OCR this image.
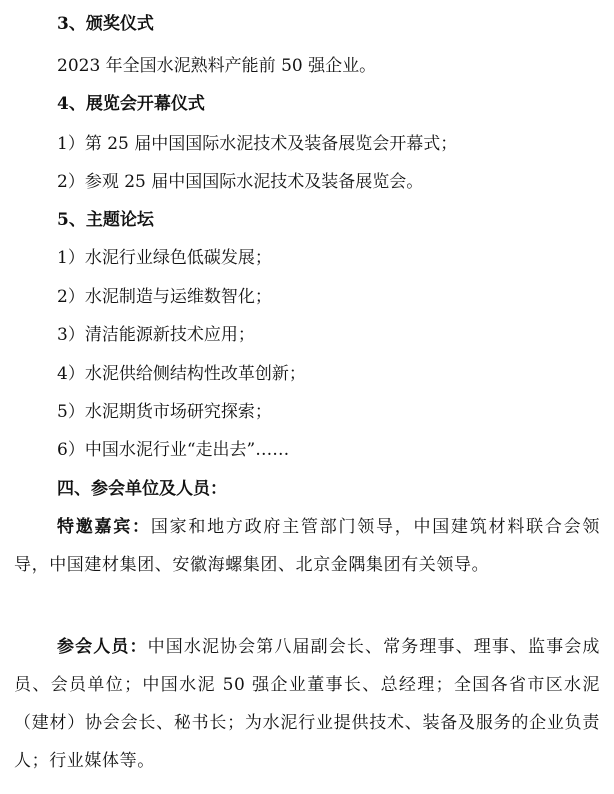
3、颁奖仪式
2023 年全国水泥熟料产能前 50 强企业。
4、展览会开幕仪式
1）第 25 届中国国际水泥技术及装备展览会开幕式；
2）参观 25 届中国国际水泥技术及装备展览会。
5、主题论坛
1）水泥行业绿色低碳发展；
2）水泥制造与运维数智化；
3）清洁能源新技术应用；
4）水泥供给侧结构性改革创新；
5）水泥期货市场研究探索；
6）中国水泥行业“走出去”……
四、参会单位及人员：
特邀嘉宾：国家和地方政府主管部门领导，中国建筑材料联合会领导，中国建材集团、安徽海螺集团、北京金隅集团有关领导。
参会人员：中国水泥协会第八届副会长、常务理事、理事、监事会成员、会员单位；中国水泥 50 强企业董事长、总经理；全国各省市区水泥（建材）协会会长、秘书长；为水泥行业提供技术、装备及服务的企业负责人；行业媒体等。
